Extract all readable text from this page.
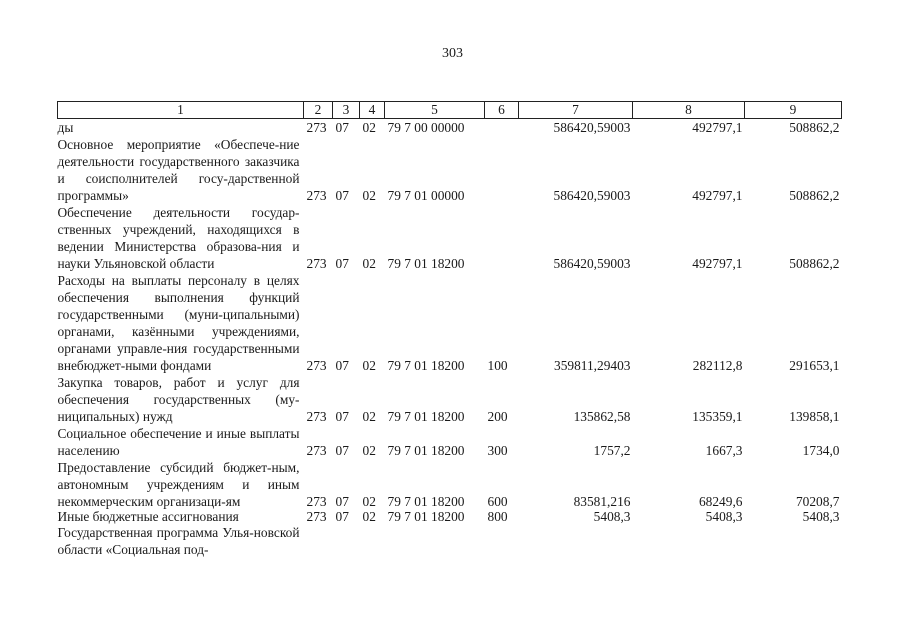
303
1	2	3	4	5	6	7	8	9
ды	273	07	02	79 7 00 00000		586420,59003	492797,1	508862,2
Основное мероприятие «Обеспече-ние деятельности государственного заказчика и соисполнителей госу-дарственной программы»	273	07	02	79 7 01 00000		586420,59003	492797,1	508862,2
Обеспечение деятельности государ-ственных учреждений, находящихся в ведении Министерства образова-ния и науки Ульяновской области	273	07	02	79 7 01 18200		586420,59003	492797,1	508862,2
Расходы на выплаты персоналу в целях обеспечения выполнения функций государственными (муни-ципальными) органами, казёнными учреждениями, органами управле-ния государственными внебюджет-ными фондами	273	07	02	79 7 01 18200	100	359811,29403	282112,8	291653,1
Закупка товаров, работ и услуг для обеспечения государственных (му-ниципальных) нужд	273	07	02	79 7 01 18200	200	135862,58	135359,1	139858,1
Социальное обеспечение и иные выплаты населению	273	07	02	79 7 01 18200	300	1757,2	1667,3	1734,0
Предоставление субсидий бюджет-ным, автономным учреждениям и иным некоммерческим организаци-ям	273	07	02	79 7 01 18200	600	83581,216	68249,6	70208,7
Иные бюджетные ассигнования	273	07	02	79 7 01 18200	800	5408,3	5408,3	5408,3
Государственная программа Улья-новской области «Социальная под-								
